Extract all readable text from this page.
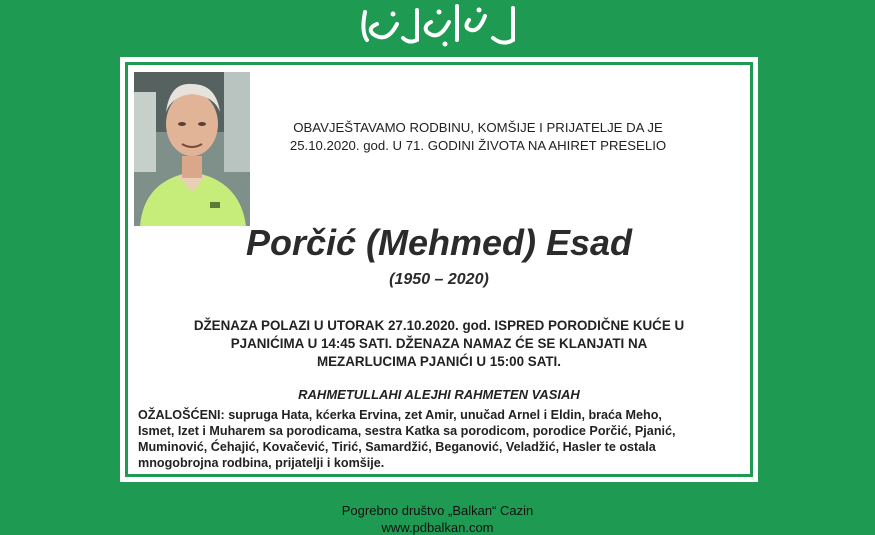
OBAVJEŠTAVAMO RODBINU, KOMŠIJE I PRIJATELJE DA JE
25.10.2020. god. U 71. GODINI ŽIVOTA NA AHIRET PRESELIO
Porčić (Mehmed) Esad
(1950 – 2020)
DŽENAZA POLAZI U UTORAK 27.10.2020. god. ISPRED PORODIČNE KUĆE U
PJANIĆIMA U 14:45 SATI. DŽENAZA NAMAZ ĆE SE KLANJATI NA
MEZARLUCIMA PJANIĆI U 15:00 SATI.
RAHMETULLAHI ALEJHI RAHMETEN VASIAH
OŽALOŠĆENI: supruga Hata, kćerka Ervina, zet Amir, unučad Arnel i Eldin, braća Meho,
Ismet, Izet i Muharem sa porodicama, sestra Katka sa porodicom, porodice Porčić, Pjanić,
Muminović, Ćehajić, Kovačević, Tirić, Samardžić, Beganović, Veladžić, Hasler te ostala
mnogobrojna rodbina, prijatelji i komšije.
Pogrebno društvo „Balkan“ Cazin
www.pdbalkan.com
